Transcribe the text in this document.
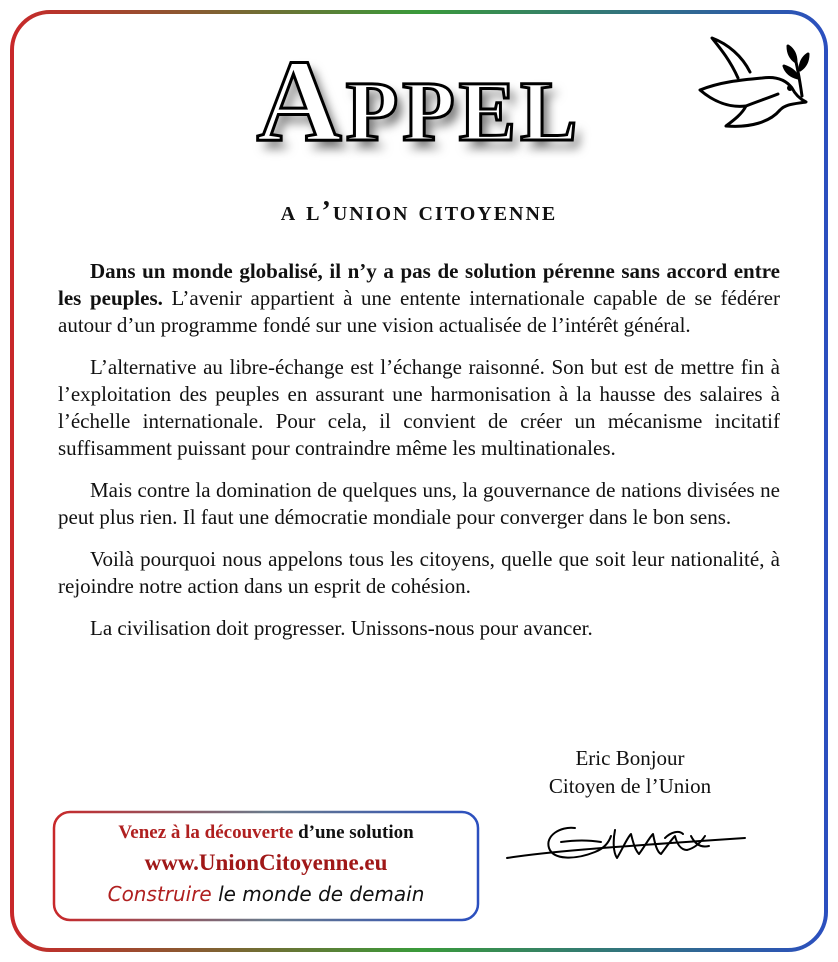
APPEL
a l’union citoyenne

Dans un monde globalisé, il n’y a pas de solution pérenne sans accord entre les peuples. L’avenir appartient à une entente internationale capable de se fédérer autour d’un programme fondé sur une vision actualisée de l’intérêt général.

L’alternative au libre-échange est l’échange raisonné. Son but est de mettre fin à l’exploitation des peuples en assurant une harmonisation à la hausse des salaires à l’échelle internationale. Pour cela, il convient de créer un mécanisme incitatif suffisamment puissant pour contraindre même les multinationales.

Mais contre la domination de quelques uns, la gouvernance de nations divisées ne peut plus rien. Il faut une démocratie mondiale pour converger dans le bon sens.

Voilà pourquoi nous appelons tous les citoyens, quelle que soit leur nationalité, à rejoindre notre action dans un esprit de cohésion.

La civilisation doit progresser. Unissons-nous pour avancer.

Eric Bonjour
Citoyen de l’Union
Venez à la découverte d’une solution
www.UnionCitoyenne.eu
Construire le monde de demain
